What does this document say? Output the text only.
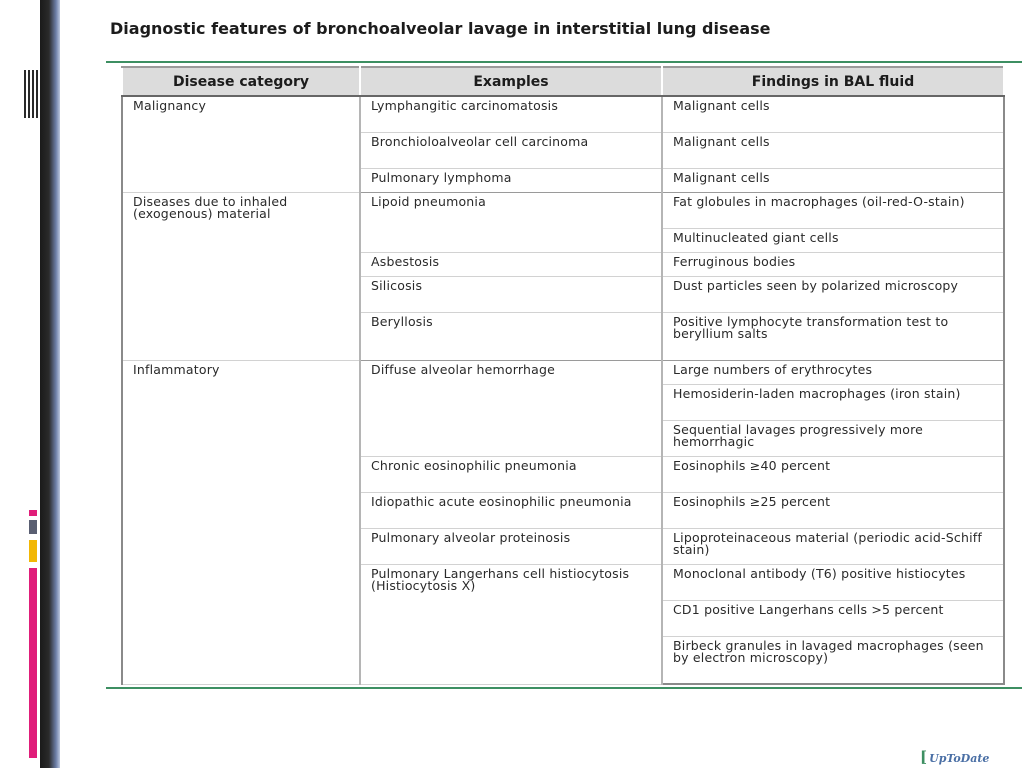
Diagnostic features of bronchoalveolar lavage in interstitial lung disease
Disease category	Examples	Findings in BAL fluid
Malignancy	Lymphangitic carcinomatosis	Malignant cells
	Bronchioloalveolar cell carcinoma	Malignant cells
	Pulmonary lymphoma	Malignant cells
Diseases due to inhaled (exogenous) material	Lipoid pneumonia	Fat globules in macrophages (oil-red-O-stain)
		Multinucleated giant cells
	Asbestosis	Ferruginous bodies
	Silicosis	Dust particles seen by polarized microscopy
	Beryllosis	Positive lymphocyte transformation test to beryllium salts
Inflammatory	Diffuse alveolar hemorrhage	Large numbers of erythrocytes
		Hemosiderin-laden macrophages (iron stain)
		Sequential lavages progressively more hemorrhagic
	Chronic eosinophilic pneumonia	Eosinophils ≥40 percent
	Idiopathic acute eosinophilic pneumonia	Eosinophils ≥25 percent
	Pulmonary alveolar proteinosis	Lipoproteinaceous material (periodic acid-Schiff stain)
	Pulmonary Langerhans cell histiocytosis (Histiocytosis X)	Monoclonal antibody (T6) positive histiocytes
		CD1 positive Langerhans cells >5 percent
		Birbeck granules in lavaged macrophages (seen by electron microscopy)
[ UpToDate
